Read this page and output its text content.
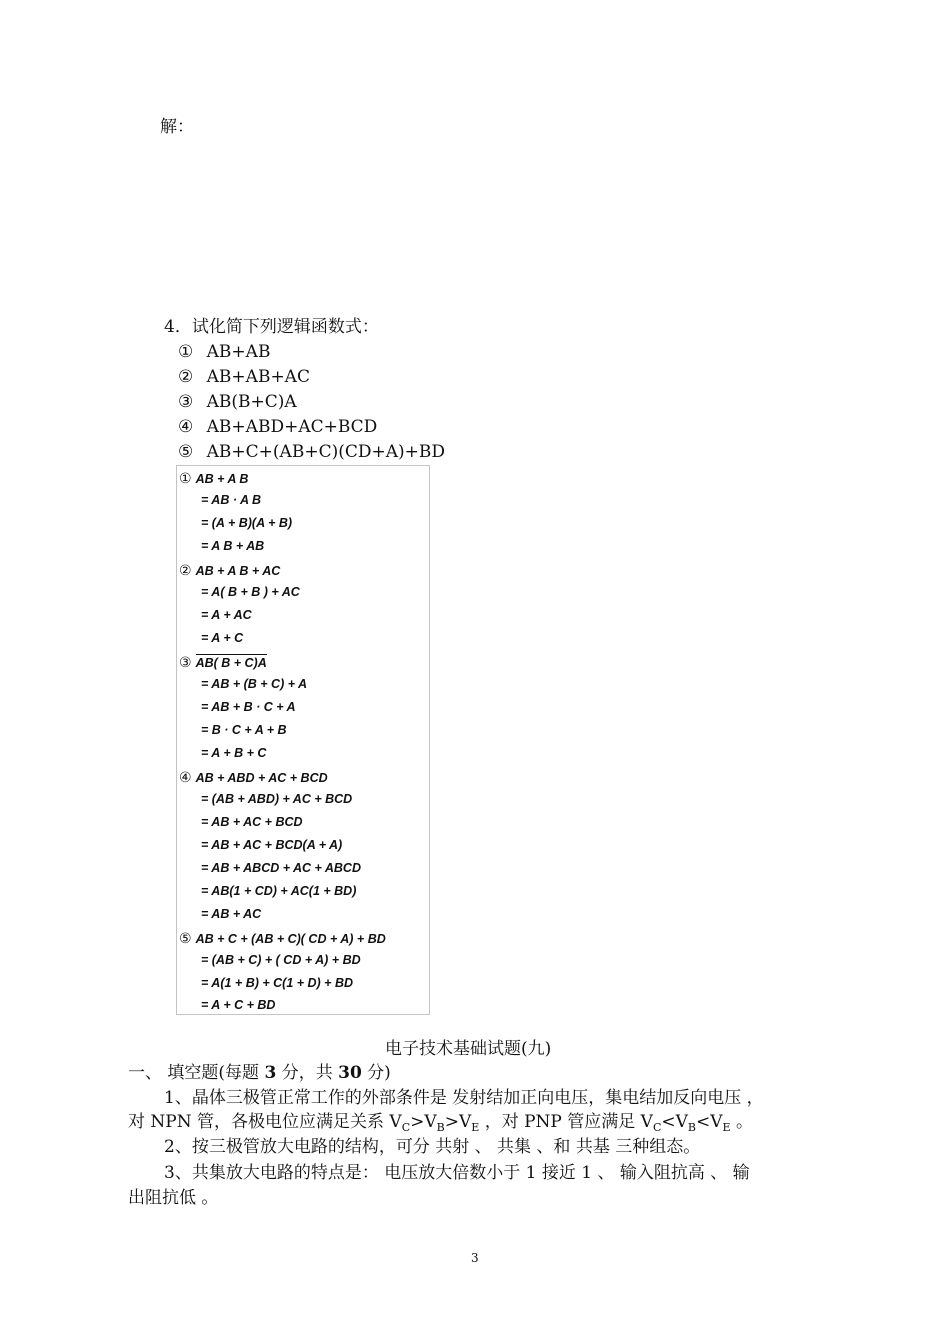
解：
4．试化简下列逻辑函数式：
① AB+AB
② AB+AB+AC
③ AB(B+C)A
④ AB+ABD+AC+BCD
⑤ AB+C+(AB+C)(CD+A)+BD
① AB + A B
= AB · A B
= (A + B)(A + B)
= A B + AB
② AB + A B + AC
= A( B + B ) + AC
= A + AC
= A + C
③ AB( B + C)A
= AB + (B + C) + A
= AB + B · C + A
= B · C + A + B
= A + B + C
④ AB + ABD + AC + BCD
= (AB + ABD) + AC + BCD
= AB + AC + BCD
= AB + AC + BCD(A + A)
= AB + ABCD + AC + ABCD
= AB(1 + CD) + AC(1 + BD)
= AB + AC
⑤ AB + C + (AB + C)( CD + A) + BD
= (AB + C) + ( CD + A) + BD
= A(1 + B) + C(1 + D) + BD
= A + C + BD
电子技术基础试题(九)
一、 填空题(每题 3 分，共 30 分)
1、晶体三极管正常工作的外部条件是 发射结加正向电压，集电结加反向电压 ，
对 NPN 管，各极电位应满足关系 $V_C>V_B>V_E$ ，对 PNP 管应满足 $V_C<V_B<V_E$ 。
2、按三极管放大电路的结构，可分 共射 、 共集 、和 共基 三种组态。
3、共集放大电路的特点是： 电压放大倍数小于 1 接近 1 、 输入阻抗高 、 输
出阻抗低 。
3
